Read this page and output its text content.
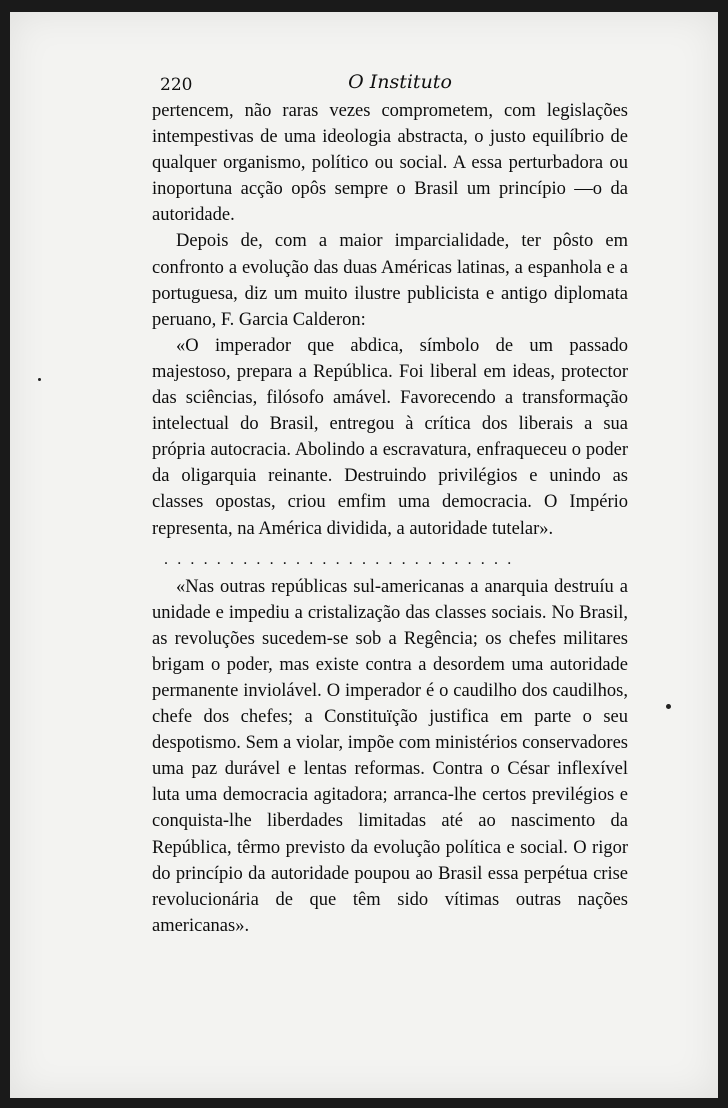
220	O Instituto

pertencem, não raras vezes comprometem, com legislações intempestivas de uma ideologia abstracta, o justo equilíbrio de qualquer organismo, político ou social. A essa perturbadora ou inoportuna acção opôs sempre o Brasil um princípio —o da autoridade.

Depois de, com a maior imparcialidade, ter pôsto em confronto a evolução das duas Américas latinas, a espanhola e a portuguesa, diz um muito ilustre publicista e antigo diplomata peruano, F. Garcia Calderon:

«O imperador que abdica, símbolo de um passado majestoso, prepara a República. Foi liberal em ideas, protector das sciências, filósofo amável. Favorecendo a transformação intelectual do Brasil, entregou à crítica dos liberais a sua própria autocracia. Abolindo a escravatura, enfraqueceu o poder da oligarquia reinante. Destruindo privilégios e unindo as classes opostas, criou emfim uma democracia. O Império representa, na América dividida, a autoridade tutelar».

...........................

«Nas outras repúblicas sul-americanas a anarquia destruíu a unidade e impediu a cristalização das classes sociais. No Brasil, as revoluções sucedem-se sob a Regência; os chefes militares brigam o poder, mas existe contra a desordem uma autoridade permanente inviolável. O imperador é o caudilho dos caudilhos, chefe dos chefes; a Constituïção justifica em parte o seu despotismo. Sem a violar, impõe com ministérios conservadores uma paz durável e lentas reformas. Contra o César inflexível luta uma democracia agitadora; arranca-lhe certos previlégios e conquista-lhe liberdades limitadas até ao nascimento da República, têrmo previsto da evolução política e social. O rigor do princípio da autoridade poupou ao Brasil essa perpétua crise revolucionária de que têm sido vítimas outras nações americanas».
